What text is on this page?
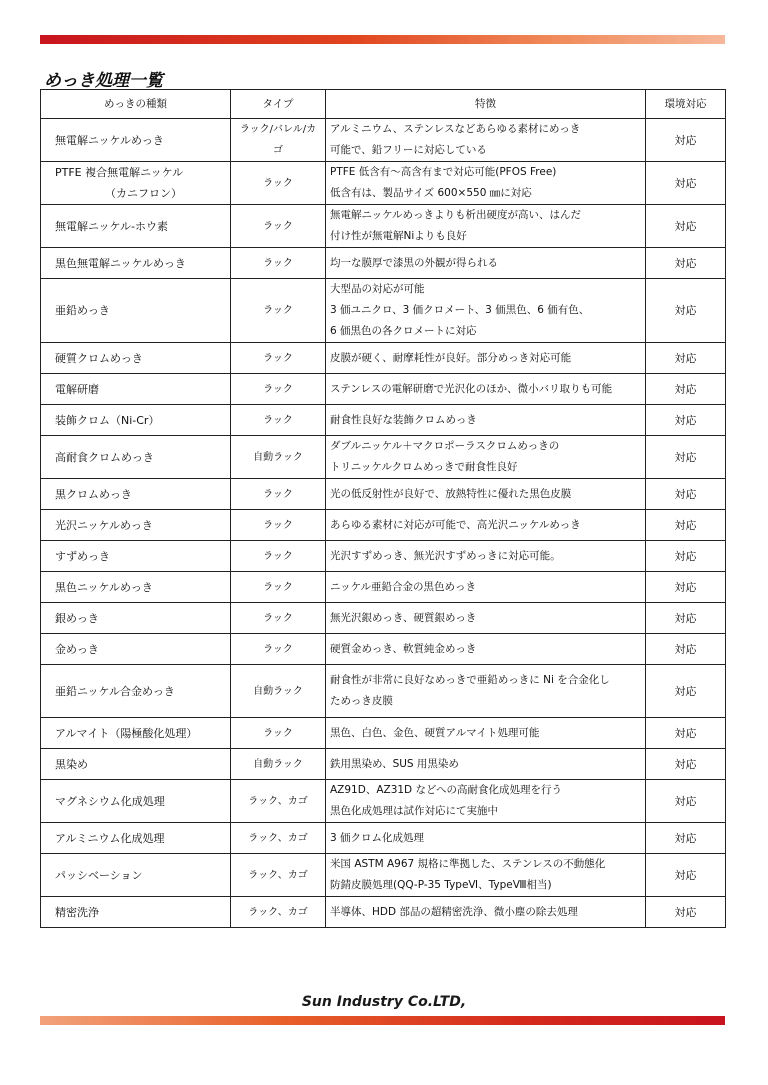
めっき処理一覧
めっきの種類	タイプ	特徴	環境対応

無電解ニッケルめっき	ラック/バレル/カゴ	アルミニウム、ステンレスなどあらゆる素材にめっき
可能で、鉛フリーに対応している	対応

PTFE 複合無電解ニッケル
（カニフロン）	ラック	PTFE 低含有～高含有まで対応可能(PFOS Free)
低含有は、製品サイズ 600×550 ㎜に対応	対応

無電解ニッケル-ホウ素	ラック	無電解ニッケルめっきよりも析出硬度が高い、はんだ
付け性が無電解Niよりも良好	対応

黒色無電解ニッケルめっき	ラック	均一な膜厚で漆黒の外観が得られる	対応

亜鉛めっき	ラック	大型品の対応が可能
3 価ユニクロ、3 価クロメート、3 価黒色、6 価有色、
6 価黒色の各クロメートに対応	対応

硬質クロムめっき	ラック	皮膜が硬く、耐摩耗性が良好。部分めっき対応可能	対応

電解研磨	ラック	ステンレスの電解研磨で光沢化のほか、微小バリ取りも可能	対応

装飾クロム（Ni-Cr）	ラック	耐食性良好な装飾クロムめっき	対応

高耐食クロムめっき	自動ラック	ダブルニッケル＋マクロポーラスクロムめっきの
トリニッケルクロムめっきで耐食性良好	対応

黒クロムめっき	ラック	光の低反射性が良好で、放熱特性に優れた黒色皮膜	対応

光沢ニッケルめっき	ラック	あらゆる素材に対応が可能で、高光沢ニッケルめっき	対応

すずめっき	ラック	光沢すずめっき、無光沢すずめっきに対応可能。	対応

黒色ニッケルめっき	ラック	ニッケル亜鉛合金の黒色めっき	対応

銀めっき	ラック	無光沢銀めっき、硬質銀めっき	対応

金めっき	ラック	硬質金めっき、軟質純金めっき	対応

亜鉛ニッケル合金めっき	自動ラック	耐食性が非常に良好なめっきで亜鉛めっきに Ni を合金化し
ためっき皮膜	対応

アルマイト（陽極酸化処理）	ラック	黒色、白色、金色、硬質アルマイト処理可能	対応

黒染め	自動ラック	鉄用黒染め、SUS 用黒染め	対応

マグネシウム化成処理	ラック、カゴ	AZ91D、AZ31D などへの高耐食化成処理を行う
黒色化成処理は試作対応にて実施中	対応

アルミニウム化成処理	ラック、カゴ	3 価クロム化成処理	対応

パッシベーション	ラック、カゴ	米国 ASTM A967 規格に準拠した、ステンレスの不動態化
防錆皮膜処理(QQ-P-35 TypeⅥ、TypeⅧ相当)	対応

精密洗浄	ラック、カゴ	半導体、HDD 部品の超精密洗浄、微小塵の除去処理	対応
Sun Industry Co.LTD,
